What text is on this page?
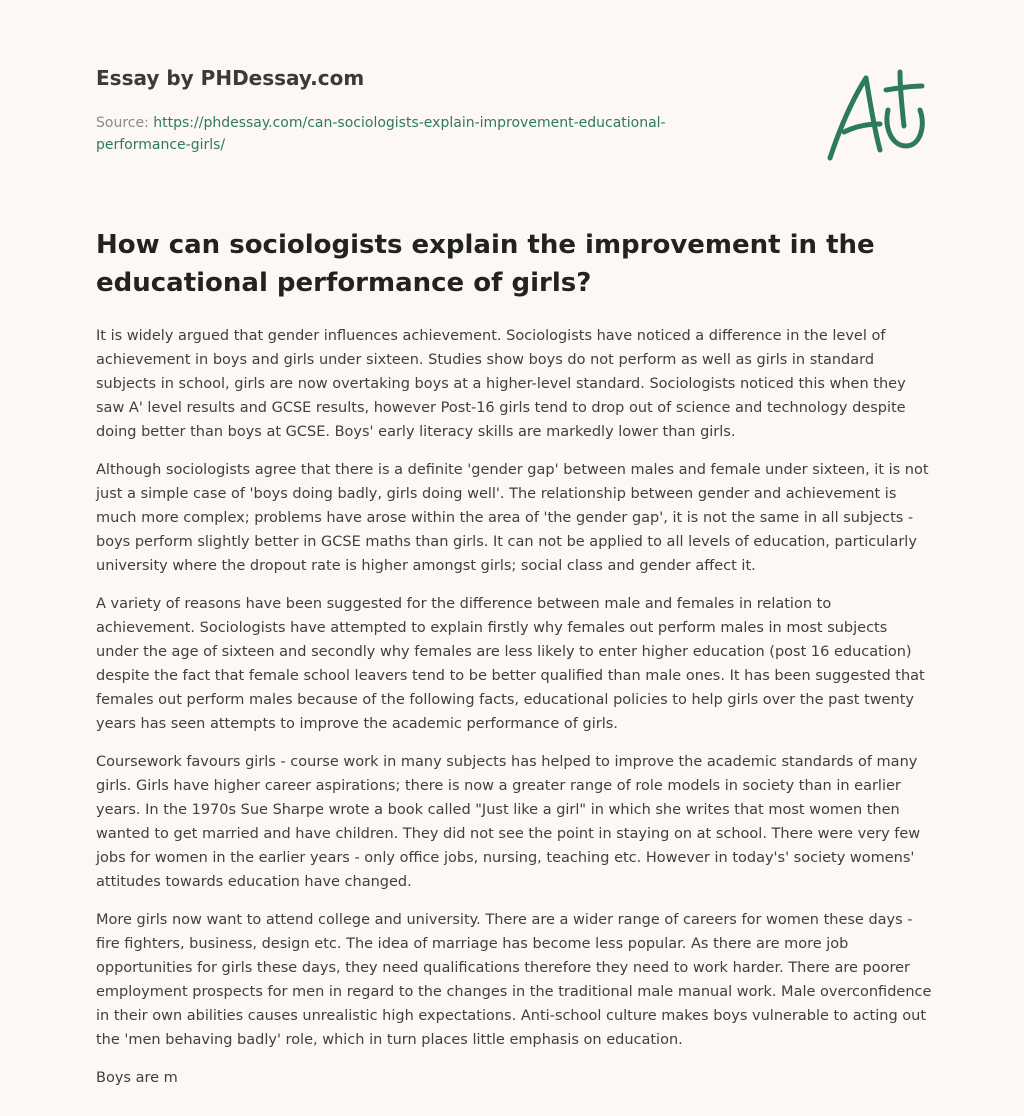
Essay by PHDessay.com
Source: https://phdessay.com/can-sociologists-explain-improvement-educational-performance-girls/
How can sociologists explain the improvement in the educational performance of girls?

It is widely argued that gender influences achievement. Sociologists have noticed a difference in the level of achievement in boys and girls under sixteen. Studies show boys do not perform as well as girls in standard subjects in school, girls are now overtaking boys at a higher-level standard. Sociologists noticed this when they saw A' level results and GCSE results, however Post-16 girls tend to drop out of science and technology despite doing better than boys at GCSE. Boys' early literacy skills are markedly lower than girls.

Although sociologists agree that there is a definite 'gender gap' between males and female under sixteen, it is not just a simple case of 'boys doing badly, girls doing well'. The relationship between gender and achievement is much more complex; problems have arose within the area of 'the gender gap', it is not the same in all subjects - boys perform slightly better in GCSE maths than girls. It can not be applied to all levels of education, particularly university where the dropout rate is higher amongst girls; social class and gender affect it.

A variety of reasons have been suggested for the difference between male and females in relation to achievement. Sociologists have attempted to explain firstly why females out perform males in most subjects under the age of sixteen and secondly why females are less likely to enter higher education (post 16 education) despite the fact that female school leavers tend to be better qualified than male ones. It has been suggested that females out perform males because of the following facts, educational policies to help girls over the past twenty years has seen attempts to improve the academic performance of girls.

Coursework favours girls - course work in many subjects has helped to improve the academic standards of many girls. Girls have higher career aspirations; there is now a greater range of role models in society than in earlier years. In the 1970s Sue Sharpe wrote a book called "Just like a girl" in which she writes that most women then wanted to get married and have children. They did not see the point in staying on at school. There were very few jobs for women in the earlier years - only office jobs, nursing, teaching etc. However in today's' society womens' attitudes towards education have changed.

More girls now want to attend college and university. There are a wider range of careers for women these days - fire fighters, business, design etc. The idea of marriage has become less popular. As there are more job opportunities for girls these days, they need qualifications therefore they need to work harder. There are poorer employment prospects for men in regard to the changes in the traditional male manual work. Male overconfidence in their own abilities causes unrealistic high expectations. Anti-school culture makes boys vulnerable to acting out the 'men behaving badly' role, which in turn places little emphasis on education.

Boys are m
